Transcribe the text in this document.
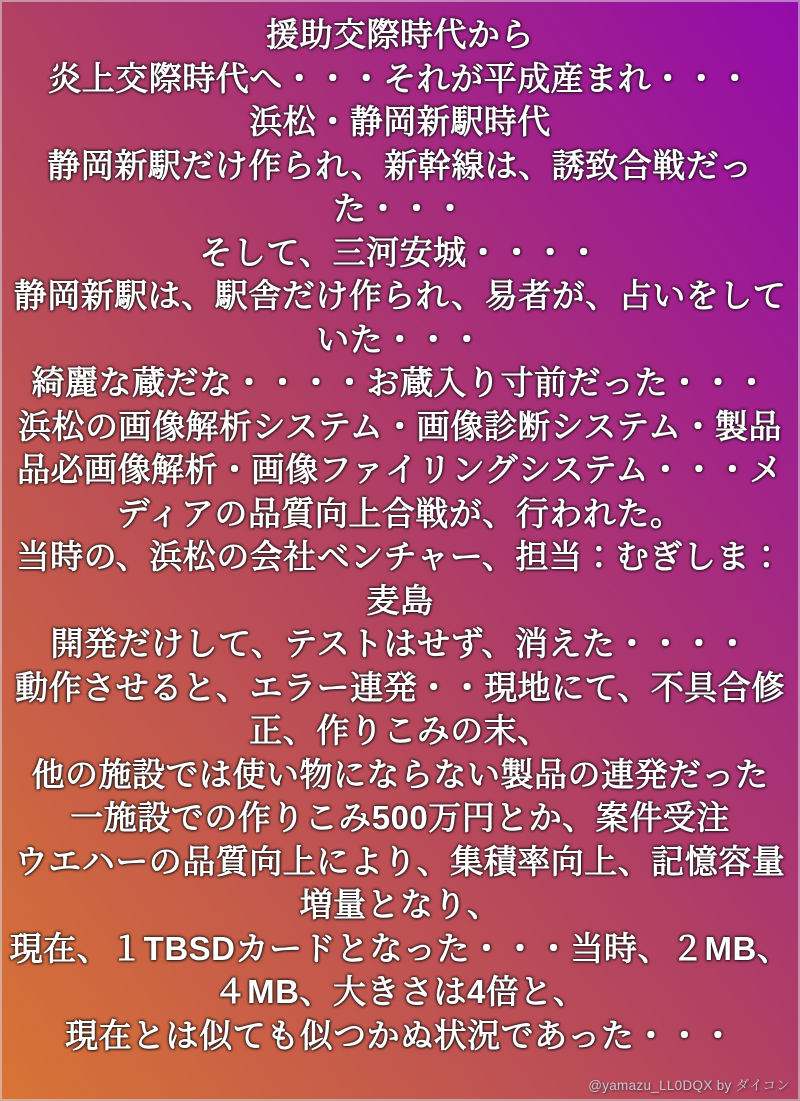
援助交際時代から
炎上交際時代へ・・・それが平成産まれ・・・
浜松・静岡新駅時代
静岡新駅だけ作られ、新幹線は、誘致合戦だっ
た・・・
そして、三河安城・・・・
静岡新駅は、駅舎だけ作られ、易者が、占いをして
いた・・・
綺麗な蔵だな・・・・お蔵入り寸前だった・・・
浜松の画像解析システム・画像診断システム・製品
品必画像解析・画像ファイリングシステム・・・メ
ディアの品質向上合戦が、行われた。
当時の、浜松の会社ベンチャー、担当：むぎしま：
麦島
開発だけして、テストはせず、消えた・・・・
動作させると、エラー連発・・現地にて、不具合修
正、作りこみの末、
他の施設では使い物にならない製品の連発だった
一施設での作りこみ500万円とか、案件受注
ウエハーの品質向上により、集積率向上、記憶容量
増量となり、
現在、１TBSDカードとなった・・・当時、２MB、
４MB、大きさは4倍と、
現在とは似ても似つかぬ状況であった・・・
@yamazu_LL0DQX by ダイコン
